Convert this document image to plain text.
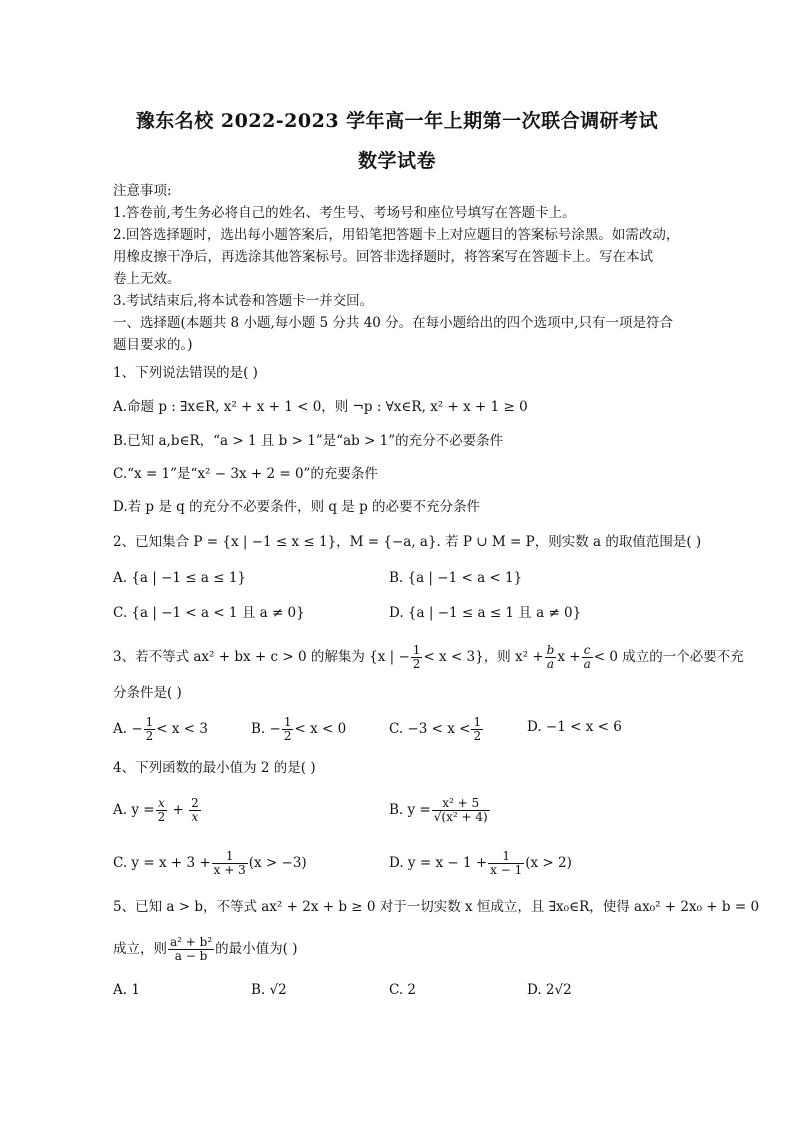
豫东名校 2022-2023 学年高一年上期第一次联合调研考试
数学试卷
注意事项:
1.答卷前,考生务必将自己的姓名、考生号、考场号和座位号填写在答题卡上。
2.回答选择题时，选出每小题答案后，用铅笔把答题卡上对应题目的答案标号涂黑。如需改动，
用橡皮擦干净后，再选涂其他答案标号。回答非选择题时，将答案写在答题卡上。写在本试
卷上无效。
3.考试结束后,将本试卷和答题卡一并交回。
一、选择题(本题共 8 小题,每小题 5 分共 40 分。在每小题给出的四个选项中,只有一项是符合
题目要求的。)
1、下列说法错误的是( )
A.命题 p : ∃x∈R, x² + x + 1 < 0，则 ¬p : ∀x∈R, x² + x + 1 ≥ 0
B.已知 a,b∈R，“a > 1 且 b > 1”是“ab > 1”的充分不必要条件
C.“x = 1”是“x² − 3x + 2 = 0”的充要条件
D.若 p 是 q 的充分不必要条件，则 q 是 p 的必要不充分条件
2、已知集合 P = {x | −1 ≤ x ≤ 1}，M = {−a, a}. 若 P ∪ M = P，则实数 a 的取值范围是( )
A. {a | −1 ≤ a ≤ 1}	B. {a | −1 < a < 1}
C. {a | −1 < a < 1 且 a ≠ 0}	D. {a | −1 ≤ a ≤ 1 且 a ≠ 0}
3、若不等式 ax² + bx + c > 0 的解集为 {x | − $\frac{1}{2} < x < 3$}，则 $x^2 + \frac{b}{a}$ $x + \frac{c}{a} < 0$ 成立的一个必要不充
分条件是( )
A. − $\frac{1}{2} < x < 3$	B. − $\frac{1}{2} < x < 0$	C. $-3 < x < \frac{1}{2}$	D. −1 < x < 6
4、下列函数的最小值为 2 的是( )
A. $y = \frac{x}{2} + \frac{2}{x}$	B. $y = \frac{\text{x² + 5}}{\text{√(x² + 4)}}$
C. $y = x + 3 + \frac{1}{x + 3} (x > -3)$	D. $y = x - 1 + \frac{1}{x - 1} (x > 2)$
5、已知 a > b，不等式 ax² + 2x + b ≥ 0 对于一切实数 x 恒成立，且 ∃x₀∈R，使得 ax₀² + 2x₀ + b = 0
成立，则 $\frac{\text{a² + b²}}{a - b}$ 的最小值为( )
A. 1	B. √2	C. 2	D. 2√2
